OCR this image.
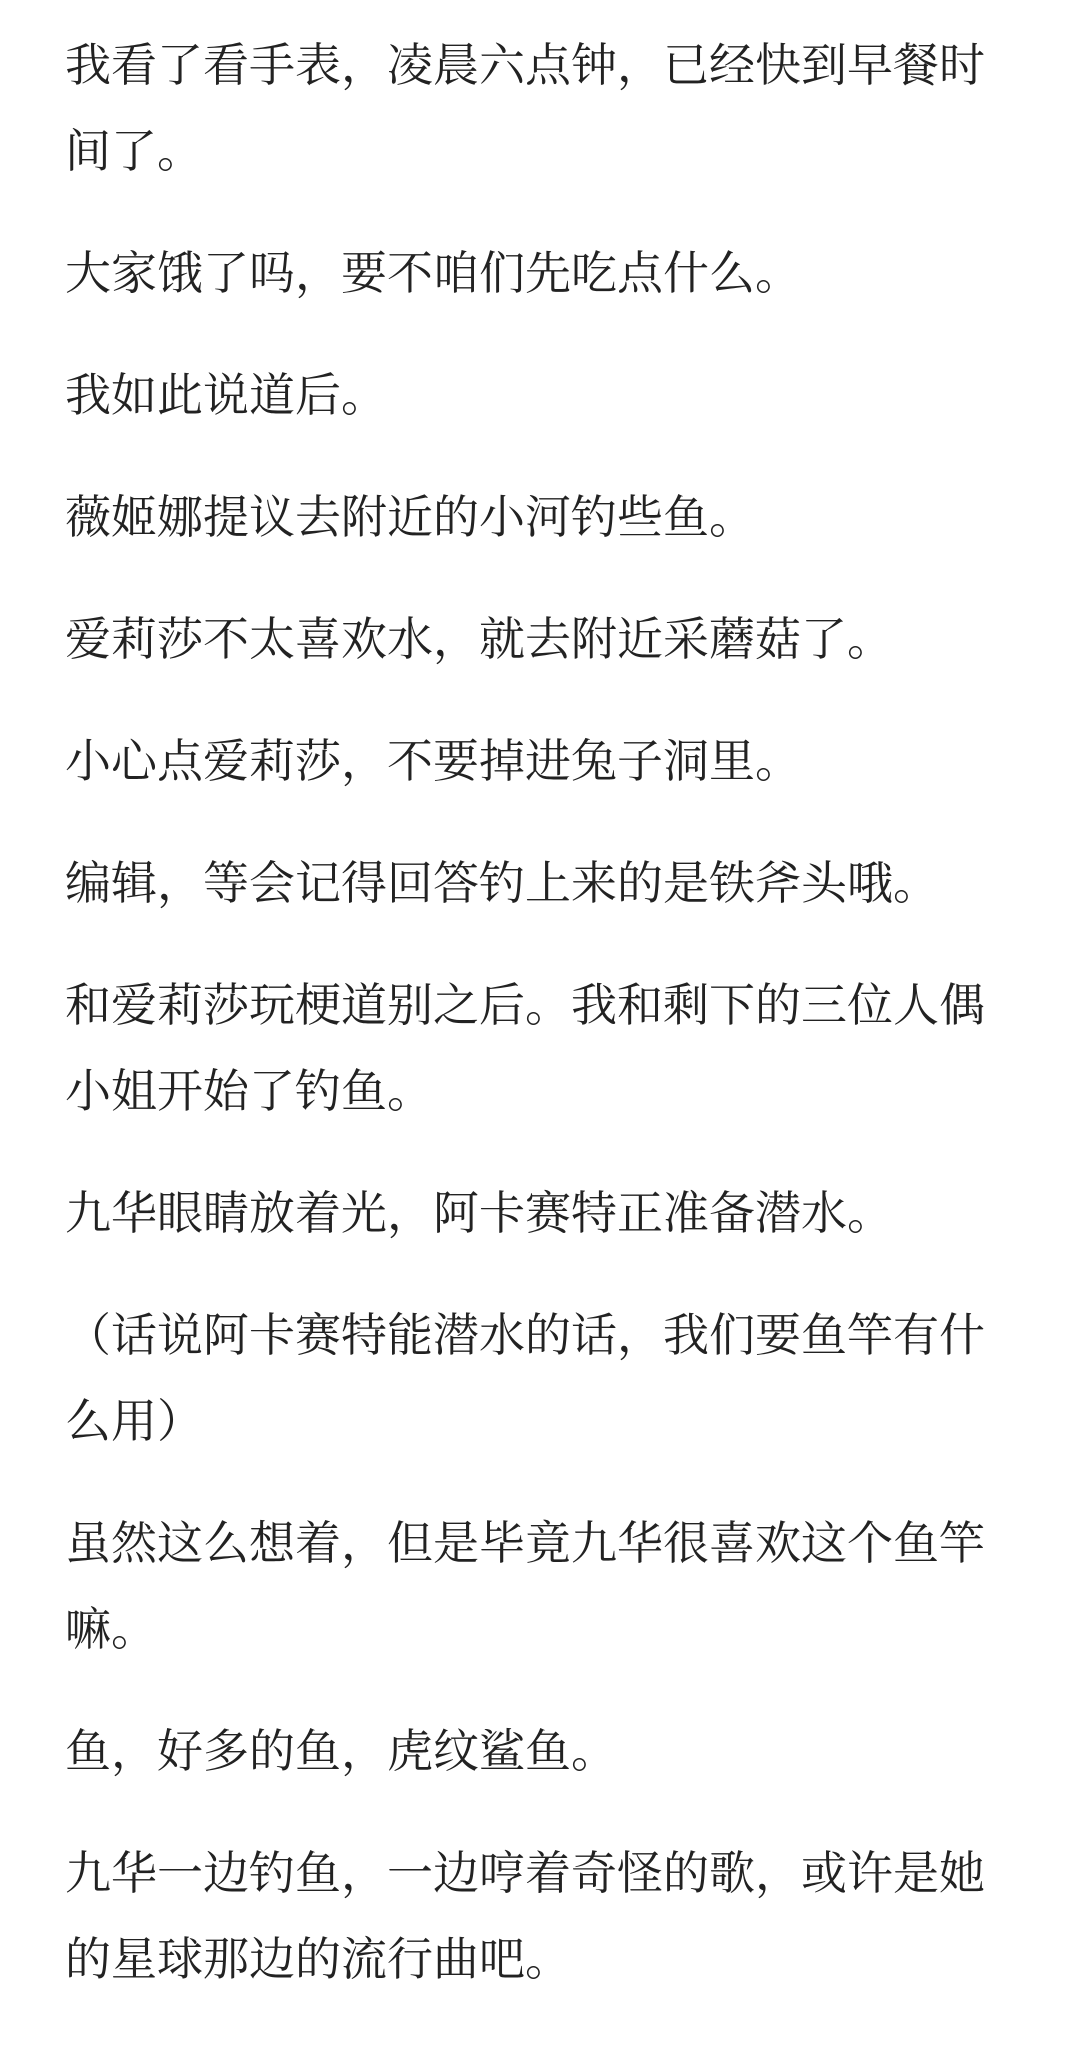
我看了看手表，凌晨六点钟，已经快到早餐时间了。

大家饿了吗，要不咱们先吃点什么。

我如此说道后。

薇姬娜提议去附近的小河钓些鱼。

爱莉莎不太喜欢水，就去附近采蘑菇了。

小心点爱莉莎，不要掉进兔子洞里。

编辑，等会记得回答钓上来的是铁斧头哦。

和爱莉莎玩梗道别之后。我和剩下的三位人偶小姐开始了钓鱼。

九华眼睛放着光，阿卡赛特正准备潜水。

（话说阿卡赛特能潜水的话，我们要鱼竿有什么用）

虽然这么想着，但是毕竟九华很喜欢这个鱼竿嘛。

鱼，好多的鱼，虎纹鲨鱼。

九华一边钓鱼，一边哼着奇怪的歌，或许是她的星球那边的流行曲吧。
